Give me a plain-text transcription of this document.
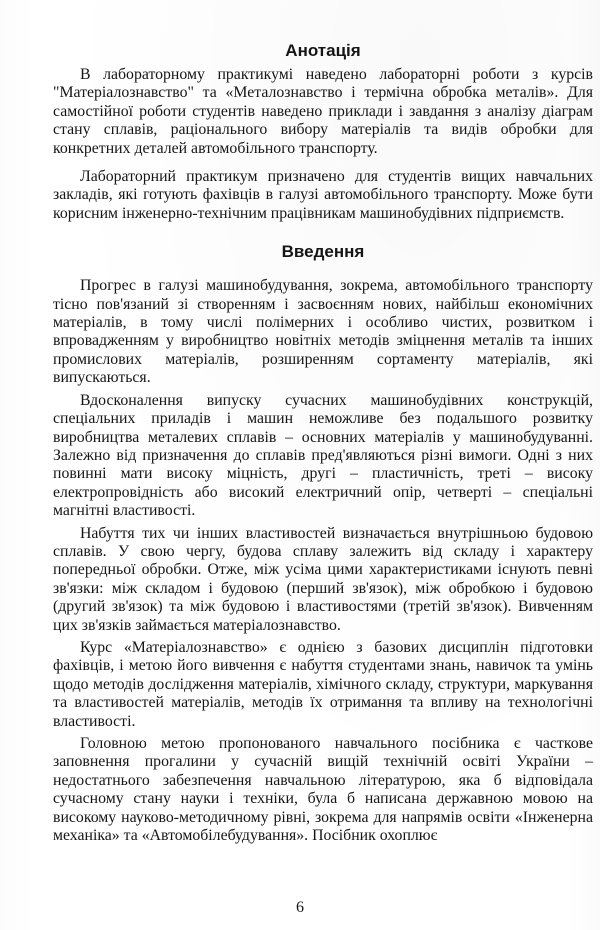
Анотація

В лабораторному практикумі наведено лабораторні роботи з курсів "Матеріалознавство" та «Металознавство і термічна обробка металів». Для самостійної роботи студентів наведено приклади і завдання з аналізу діаграм стану сплавів, раціонального вибору матеріалів та видів обробки для конкретних деталей автомобільного транспорту.

Лабораторний практикум призначено для студентів вищих навчальних закладів, які готують фахівців в галузі автомобільного транспорту. Може бути корисним інженерно-технічним працівникам машинобудівних підприємств.

Введення

Прогрес в галузі машинобудування, зокрема, автомобільного транспорту тісно пов'язаний зі створенням і засвоєнням нових, найбільш економічних матеріалів, в тому числі полімерних і особливо чистих, розвитком і впровадженням у виробництво новітніх методів зміцнення металів та інших промислових матеріалів, розширенням сортаменту матеріалів, які випускаються.

Вдосконалення випуску сучасних машинобудівних конструкцій, спеціальних приладів і машин неможливе без подальшого розвитку виробництва металевих сплавів – основних матеріалів у машинобудуванні. Залежно від призначення до сплавів пред'являються різні вимоги. Одні з них повинні мати високу міцність, другі – пластичність, треті – високу електропровідність або високий електричний опір, четверті – спеціальні магнітні властивості.

Набуття тих чи інших властивостей визначається внутрішньою будовою сплавів. У свою чергу, будова сплаву залежить від складу і характеру попередньої обробки. Отже, між усіма цими характеристиками існують певні зв'язки: між складом і будовою (перший зв'язок), між обробкою і будовою (другий зв'язок) та між будовою і властивостями (третій зв'язок). Вивченням цих зв'язків займається матеріалознавство.

Курс «Матеріалознавство» є однією з базових дисциплін підготовки фахівців, і метою його вивчення є набуття студентами знань, навичок та умінь щодо методів дослідження матеріалів, хімічного складу, структури, маркування та властивостей матеріалів, методів їх отримання та впливу на технологічні властивості.

Головною метою пропонованого навчального посібника є часткове заповнення прогалини у сучасній вищій технічній освіті України – недостатнього забезпечення навчальною літературою, яка б відповідала сучасному стану науки і техніки, була б написана державною мовою на високому науково-методичному рівні, зокрема для напрямів освіти «Інженерна механіка» та «Автомобілебудування». Посібник охоплює

6
